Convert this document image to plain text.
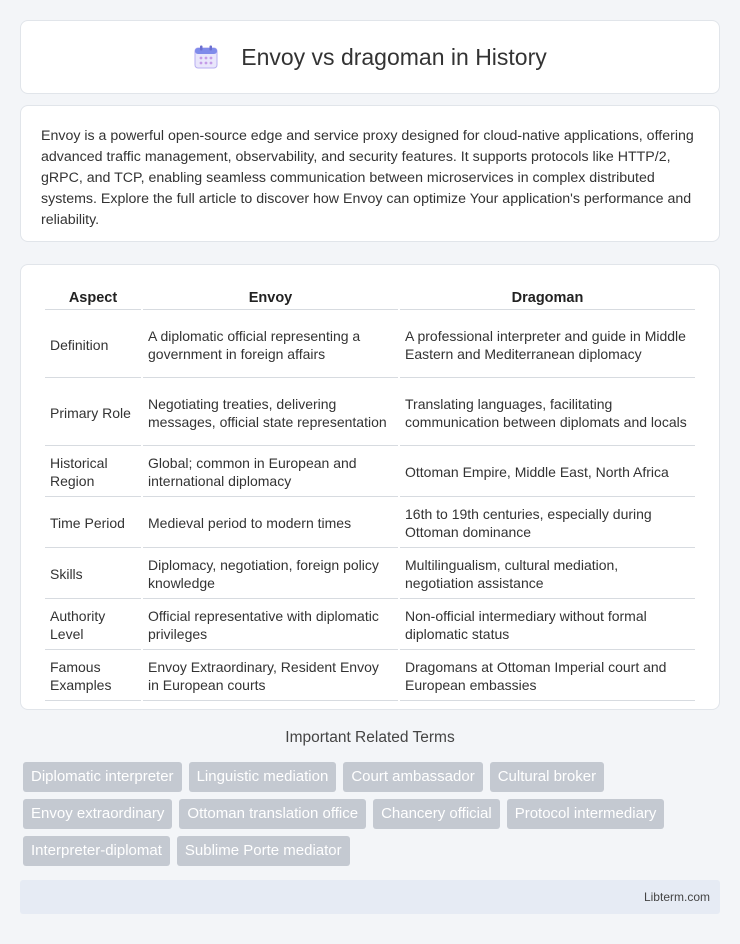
Envoy vs dragoman in History

Envoy is a powerful open-source edge and service proxy designed for cloud-native applications, offering advanced traffic management, observability, and security features. It supports protocols like HTTP/2, gRPC, and TCP, enabling seamless communication between microservices in complex distributed systems. Explore the full article to discover how Envoy can optimize Your application's performance and reliability.

Aspect	Envoy	Dragoman
Definition	A diplomatic official representing a government in foreign affairs	A professional interpreter and guide in Middle Eastern and Mediterranean diplomacy
Primary Role	Negotiating treaties, delivering messages, official state representation	Translating languages, facilitating communication between diplomats and locals
Historical Region	Global; common in European and international diplomacy	Ottoman Empire, Middle East, North Africa
Time Period	Medieval period to modern times	16th to 19th centuries, especially during Ottoman dominance
Skills	Diplomacy, negotiation, foreign policy knowledge	Multilingualism, cultural mediation, negotiation assistance
Authority Level	Official representative with diplomatic privileges	Non-official intermediary without formal diplomatic status
Famous Examples	Envoy Extraordinary, Resident Envoy in European courts	Dragomans at Ottoman Imperial court and European embassies
Important Related Terms
Diplomatic interpreter	Linguistic mediation	Court ambassador	Cultural broker
Envoy extraordinary	Ottoman translation office	Chancery official	Protocol intermediary
Interpreter-diplomat	Sublime Porte mediator
Libterm.com
